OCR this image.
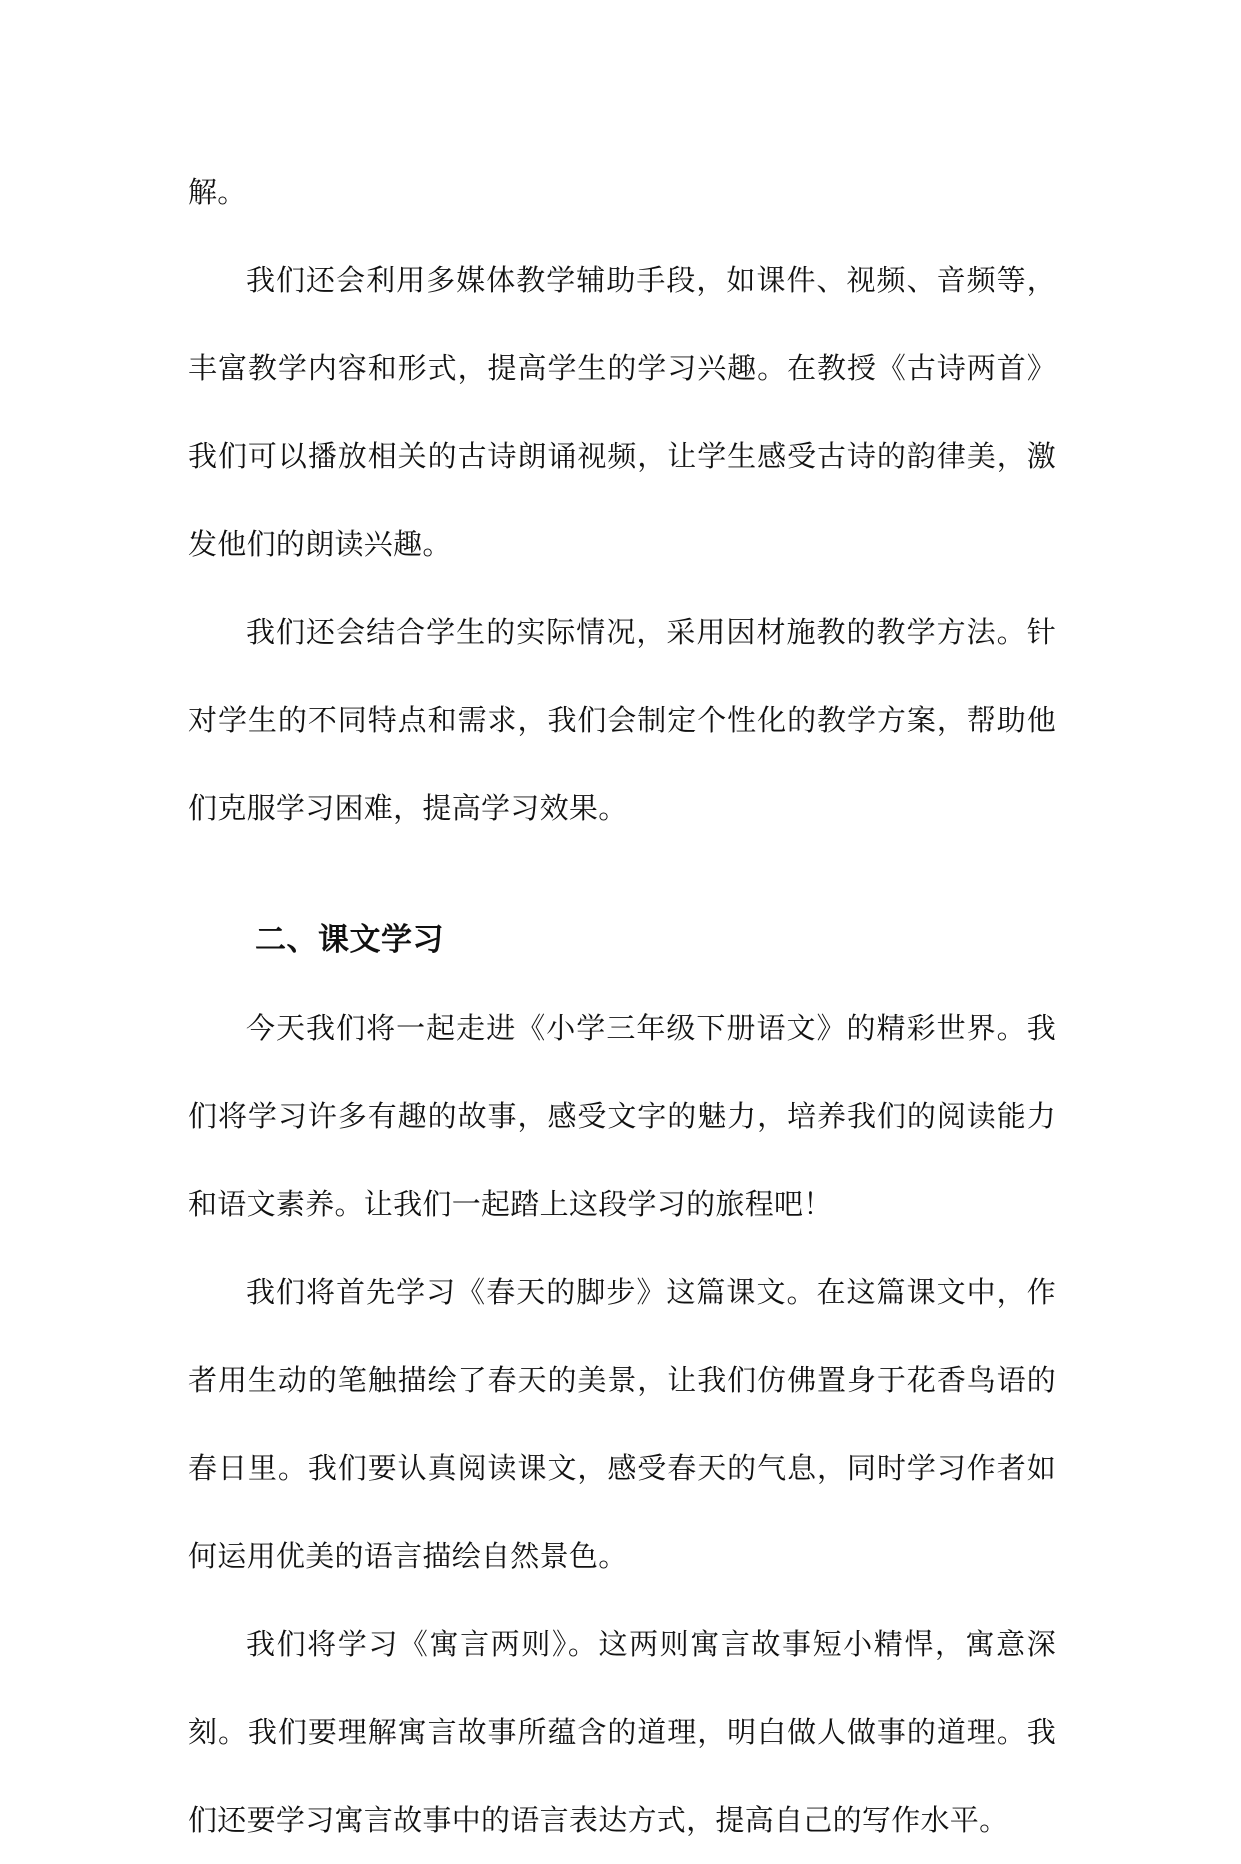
解。

我们还会利用多媒体教学辅助手段，如课件、视频、音频等，丰富教学内容和形式，提高学生的学习兴趣。在教授《古诗两首》我们可以播放相关的古诗朗诵视频，让学生感受古诗的韵律美，激发他们的朗读兴趣。

我们还会结合学生的实际情况，采用因材施教的教学方法。针对学生的不同特点和需求，我们会制定个性化的教学方案，帮助他们克服学习困难，提高学习效果。

二、课文学习

今天我们将一起走进《小学三年级下册语文》的精彩世界。我们将学习许多有趣的故事，感受文字的魅力，培养我们的阅读能力和语文素养。让我们一起踏上这段学习的旅程吧！

我们将首先学习《春天的脚步》这篇课文。在这篇课文中，作者用生动的笔触描绘了春天的美景，让我们仿佛置身于花香鸟语的春日里。我们要认真阅读课文，感受春天的气息，同时学习作者如何运用优美的语言描绘自然景色。

我们将学习《寓言两则》。这两则寓言故事短小精悍，寓意深刻。我们要理解寓言故事所蕴含的道理，明白做人做事的道理。我们还要学习寓言故事中的语言表达方式，提高自己的写作水平。
